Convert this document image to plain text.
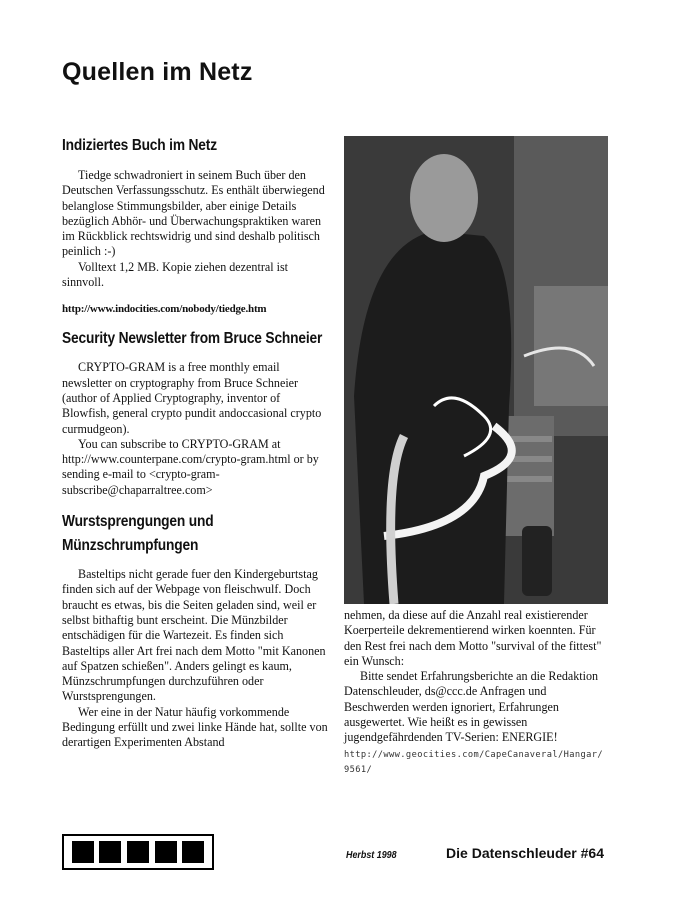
Quellen im Netz
Indiziertes Buch im Netz

Tiedge schwadroniert in seinem Buch über den Deutschen Verfassungsschutz. Es enthält überwiegend belanglose Stimmungsbilder, aber einige Details bezüglich Abhör- und Überwachungspraktiken waren im Rückblick rechtswidrig und sind deshalb politisch peinlich :-)

Volltext 1,2 MB. Kopie ziehen dezentral ist sinnvoll.

http://www.indocities.com/nobody/tiedge.htm
Security Newsletter from Bruce Schneier

CRYPTO-GRAM is a free monthly email newsletter on cryptography from Bruce Schneier (author of Applied Cryptography, inventor of Blowfish, general crypto pundit andoccasional crypto curmudgeon).

You can subscribe to CRYPTO-GRAM at http://www.counterpane.com/crypto-gram.html or by sending e-mail to <crypto-gram-subscribe@chaparraltree.com>

Wurstsprengungen und Münzschrumpfungen

Basteltips nicht gerade fuer den Kindergeburtstag finden sich auf der Webpage von fleischwulf. Doch braucht es etwas, bis die Seiten geladen sind, weil er selbst bithaftig bunt erscheint. Die Münzbilder entschädigen für die Wartezeit. Es finden sich Basteltips aller Art frei nach dem Motto "mit Kanonen auf Spatzen schießen". Anders gelingt es kaum, Münzschrumpfungen durchzuführen oder Wurstsprengungen.

Wer eine in der Natur häufig vorkommende Bedingung erfüllt und zwei linke Hände hat, sollte von derartigen Experimenten Abstand

nehmen, da diese auf die Anzahl real existierender Koerperteile dekrementierend wirken koennten. Für den Rest frei nach dem Motto "survival of the fittest" ein Wunsch:

Bitte sendet Erfahrungsberichte an die Redaktion Datenschleuder, ds@ccc.de Anfragen und Beschwerden werden ignoriert, Erfahrungen ausgewertet. Wie heißt es in gewissen jugendgefährdenden TV-Serien: ENERGIE!

http://www.geocities.com/CapeCanaveral/Hangar/9561/
Herbst 1998	Die Datenschleuder #64
